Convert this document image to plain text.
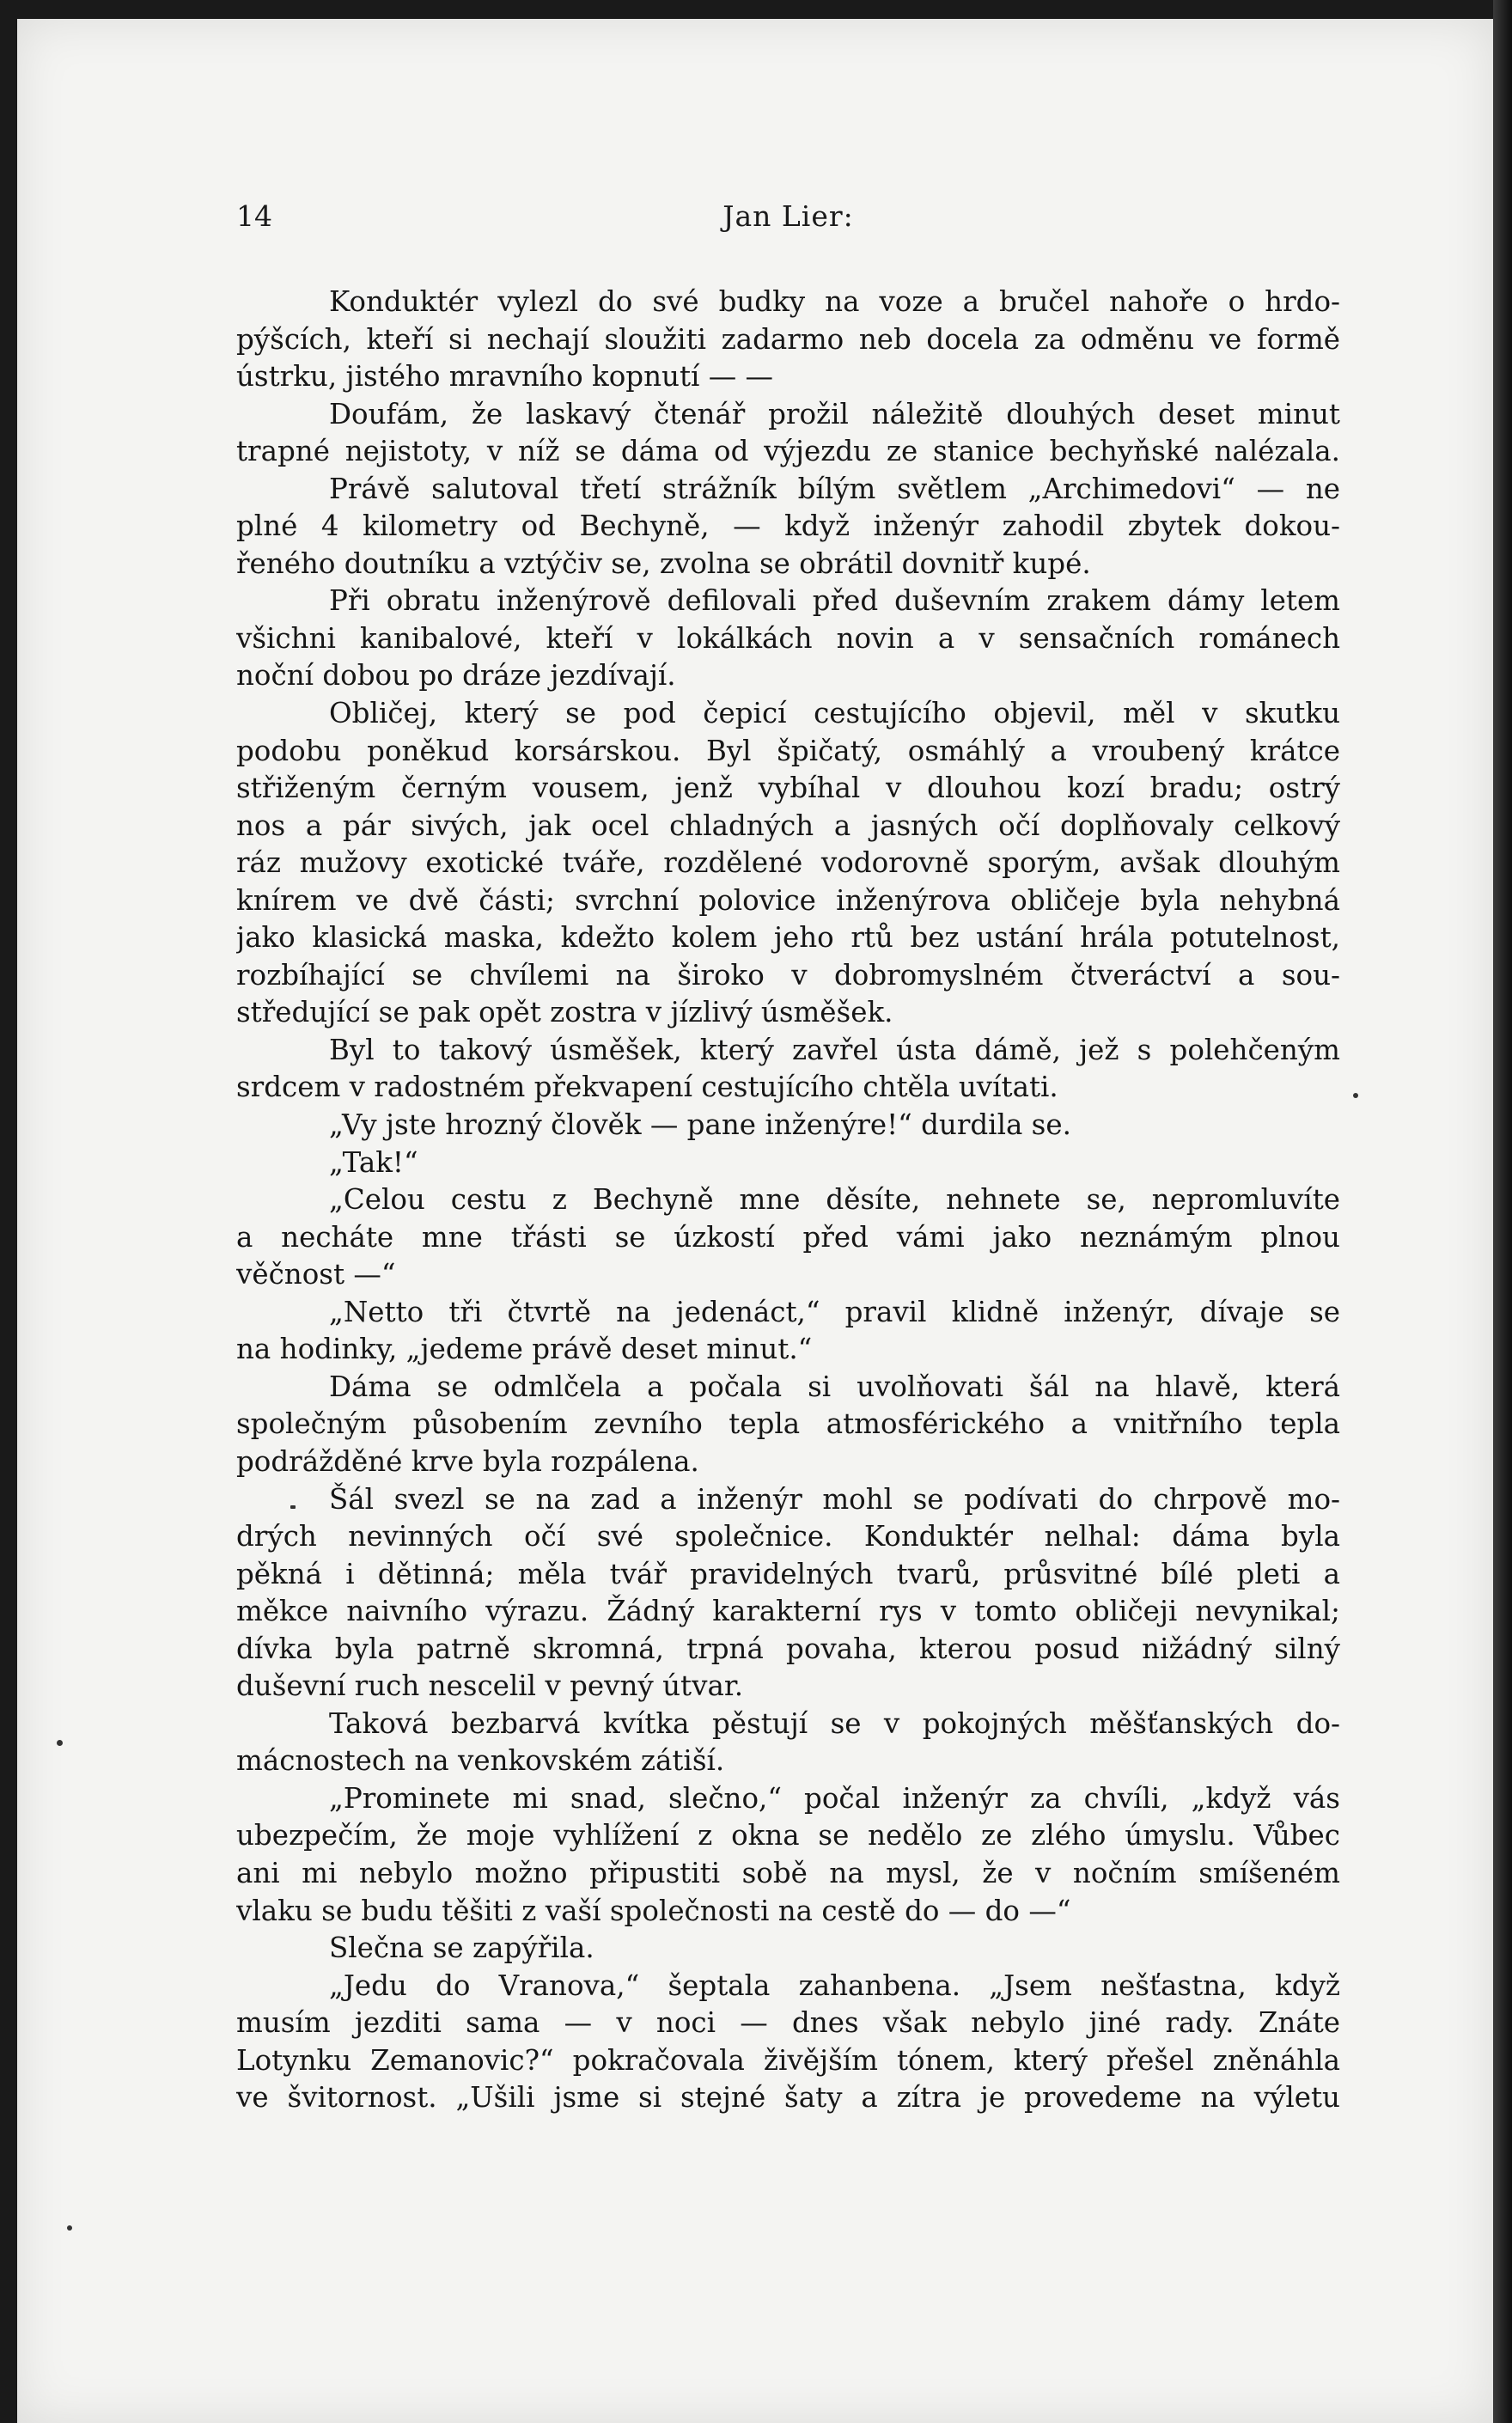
14	Jan Lier:
Konduktér vylezl do své budky na voze a bručel nahoře o hrdo-
pýšcích, kteří si nechají sloužiti zadarmo neb docela za odměnu ve formě
ústrku, jistého mravního kopnutí — —
Doufám, že laskavý čtenář prožil náležitě dlouhých deset minut
trapné nejistoty, v níž se dáma od výjezdu ze stanice bechyňské nalézala.
Právě salutoval třetí strážník bílým světlem „Archimedovi“ — ne
plné 4 kilometry od Bechyně, — když inženýr zahodil zbytek dokou-
řeného doutníku a vztýčiv se, zvolna se obrátil dovnitř kupé.
Při obratu inženýrově defilovali před duševním zrakem dámy letem
všichni kanibalové, kteří v lokálkách novin a v sensačních románech
noční dobou po dráze jezdívají.
Obličej, který se pod čepicí cestujícího objevil, měl v skutku
podobu poněkud korsárskou. Byl špičatý, osmáhlý a vroubený krátce
střiženým černým vousem, jenž vybíhal v dlouhou kozí bradu; ostrý
nos a pár sivých, jak ocel chladných a jasných očí doplňovaly celkový
ráz mužovy exotické tváře, rozdělené vodorovně sporým, avšak dlouhým
knírem ve dvě části; svrchní polovice inženýrova obličeje byla nehybná
jako klasická maska, kdežto kolem jeho rtů bez ustání hrála potutelnost,
rozbíhající se chvílemi na široko v dobromyslném čtveráctví a sou-
středující se pak opět zostra v jízlivý úsměšek.
Byl to takový úsměšek, který zavřel ústa dámě, jež s polehčeným
srdcem v radostném překvapení cestujícího chtěla uvítati.
„Vy jste hrozný člověk — pane inženýre!“ durdila se.
„Tak!“
„Celou cestu z Bechyně mne děsíte, nehnete se, nepromluvíte
a necháte mne třásti se úzkostí před vámi jako neznámým plnou
věčnost —“
„Netto tři čtvrtě na jedenáct,“ pravil klidně inženýr, dívaje se
na hodinky, „jedeme právě deset minut.“
Dáma se odmlčela a počala si uvolňovati šál na hlavě, která
společným působením zevního tepla atmosférického a vnitřního tepla
podrážděné krve byla rozpálena.
Šál svezl se na zad a inženýr mohl se podívati do chrpově mo-
drých nevinných očí své společnice. Konduktér nelhal: dáma byla
pěkná i dětinná; měla tvář pravidelných tvarů, průsvitné bílé pleti a
měkce naivního výrazu. Žádný karakterní rys v tomto obličeji nevynikal;
dívka byla patrně skromná, trpná povaha, kterou posud nižádný silný
duševní ruch nescelil v pevný útvar.
Taková bezbarvá kvítka pěstují se v pokojných měšťanských do-
mácnostech na venkovském zátiší.
„Prominete mi snad, slečno,“ počal inženýr za chvíli, „když vás
ubezpečím, že moje vyhlížení z okna se nedělo ze zlého úmyslu. Vůbec
ani mi nebylo možno připustiti sobě na mysl, že v nočním smíšeném
vlaku se budu těšiti z vaší společnosti na cestě do — do —“
Slečna se zapýřila.
„Jedu do Vranova,“ šeptala zahanbena. „Jsem nešťastna, když
musím jezditi sama — v noci — dnes však nebylo jiné rady. Znáte
Lotynku Zemanovic?“ pokračovala živějším tónem, který přešel zněnáhla
ve švitornost. „Ušili jsme si stejné šaty a zítra je provedeme na výletu
